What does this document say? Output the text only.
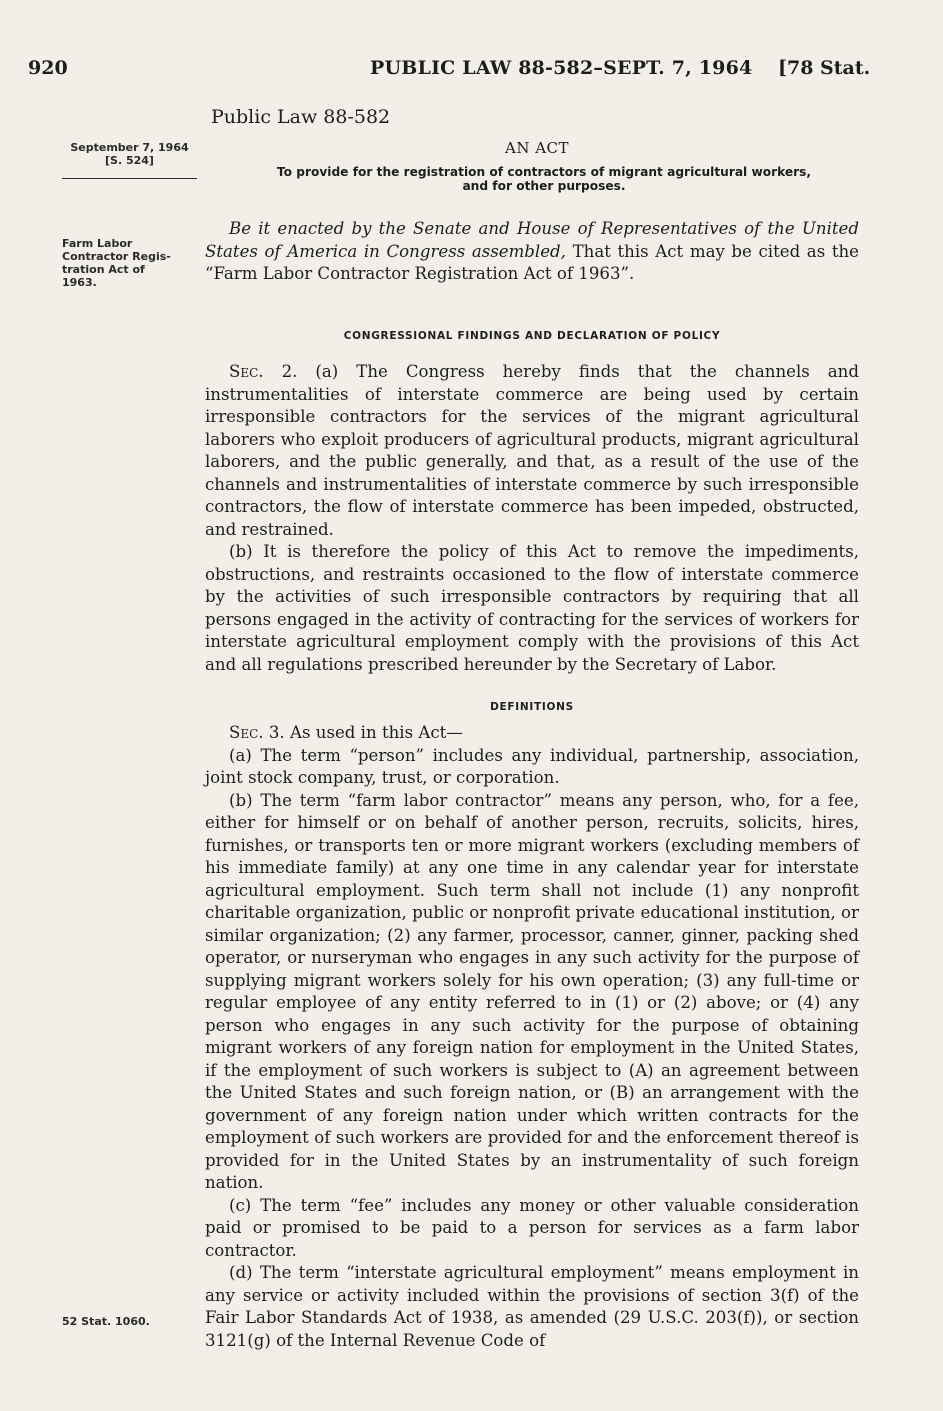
920	PUBLIC LAW 88-582–SEPT. 7, 1964 [78 Stat.
Public Law 88-582
AN ACT
September 7, 1964
[S. 524]
To provide for the registration of contractors of migrant agricultural workers,
and for other purposes.
Farm Labor
Contractor Regis-
tration Act of
1963.

Be it enacted by the Senate and House of Representatives of the United States of America in Congress assembled, That this Act may be cited as the “Farm Labor Contractor Registration Act of 1963”.

CONGRESSIONAL FINDINGS AND DECLARATION OF POLICY

Sec. 2. (a) The Congress hereby finds that the channels and instrumentalities of interstate commerce are being used by certain irresponsible contractors for the services of the migrant agricultural laborers who exploit producers of agricultural products, migrant agricultural laborers, and the public generally, and that, as a result of the use of the channels and instrumentalities of interstate commerce by such irresponsible contractors, the flow of interstate commerce has been impeded, obstructed, and restrained.

(b) It is therefore the policy of this Act to remove the impediments, obstructions, and restraints occasioned to the flow of interstate commerce by the activities of such irresponsible contractors by requiring that all persons engaged in the activity of contracting for the services of workers for interstate agricultural employment comply with the provisions of this Act and all regulations prescribed hereunder by the Secretary of Labor.

DEFINITIONS

Sec. 3. As used in this Act—

(a) The term “person” includes any individual, partnership, association, joint stock company, trust, or corporation.

(b) The term “farm labor contractor” means any person, who, for a fee, either for himself or on behalf of another person, recruits, solicits, hires, furnishes, or transports ten or more migrant workers (excluding members of his immediate family) at any one time in any calendar year for interstate agricultural employment. Such term shall not include (1) any nonprofit charitable organization, public or nonprofit private educational institution, or similar organization; (2) any farmer, processor, canner, ginner, packing shed operator, or nurseryman who engages in any such activity for the purpose of supplying migrant workers solely for his own operation; (3) any full-time or regular employee of any entity referred to in (1) or (2) above; or (4) any person who engages in any such activity for the purpose of obtaining migrant workers of any foreign nation for employment in the United States, if the employment of such workers is subject to (A) an agreement between the United States and such foreign nation, or (B) an arrangement with the government of any foreign nation under which written contracts for the employment of such workers are provided for and the enforcement thereof is provided for in the United States by an instrumentality of such foreign nation.

(c) The term “fee” includes any money or other valuable consideration paid or promised to be paid to a person for services as a farm labor contractor.

(d) The term “interstate agricultural employment” means employment in any service or activity included within the provisions of section 3(f) of the Fair Labor Standards Act of 1938, as amended (29 U.S.C. 203(f)), or section 3121(g) of the Internal Revenue Code of

52 Stat. 1060.
